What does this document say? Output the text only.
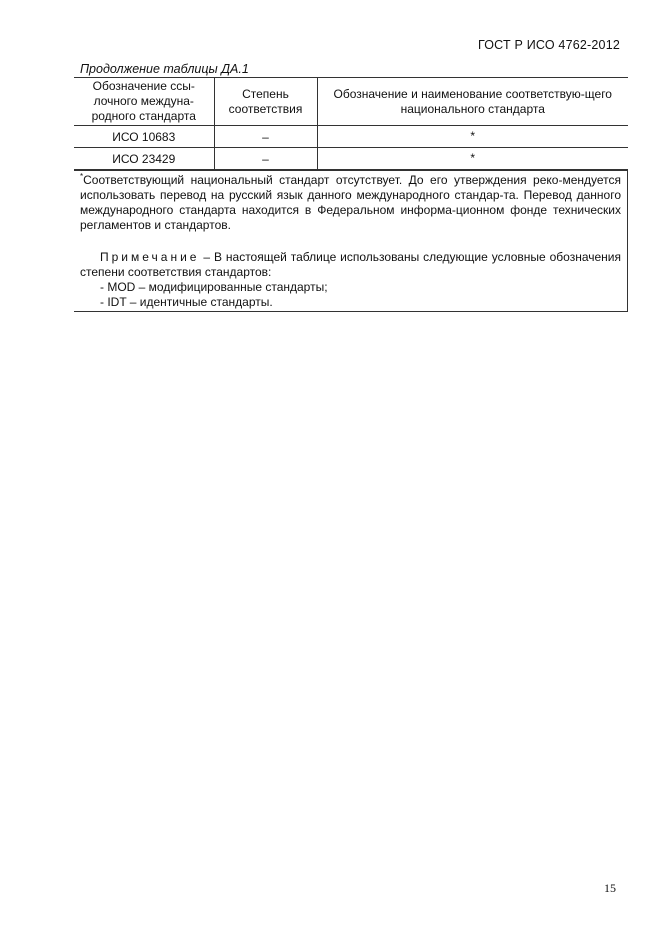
ГОСТ Р ИСО 4762-2012
Продолжение таблицы ДА.1
Обозначение ссы-лочного междуна-родного стандарта	Степень соответствия	Обозначение и наименование соответствую-щего национального стандарта
ИСО 10683	–	*
ИСО 23429	–	*

*Соответствующий национальный стандарт отсутствует. До его утверждения реко-мендуется использовать перевод на русский язык данного международного стандар-та. Перевод данного международного стандарта находится в Федеральном информа-ционном фонде технических регламентов и стандартов.

Примечание – В настоящей таблице использованы следующие условные обозначения степени соответствия стандартов:

- MOD – модифицированные стандарты;

- IDT – идентичные стандарты.

15
